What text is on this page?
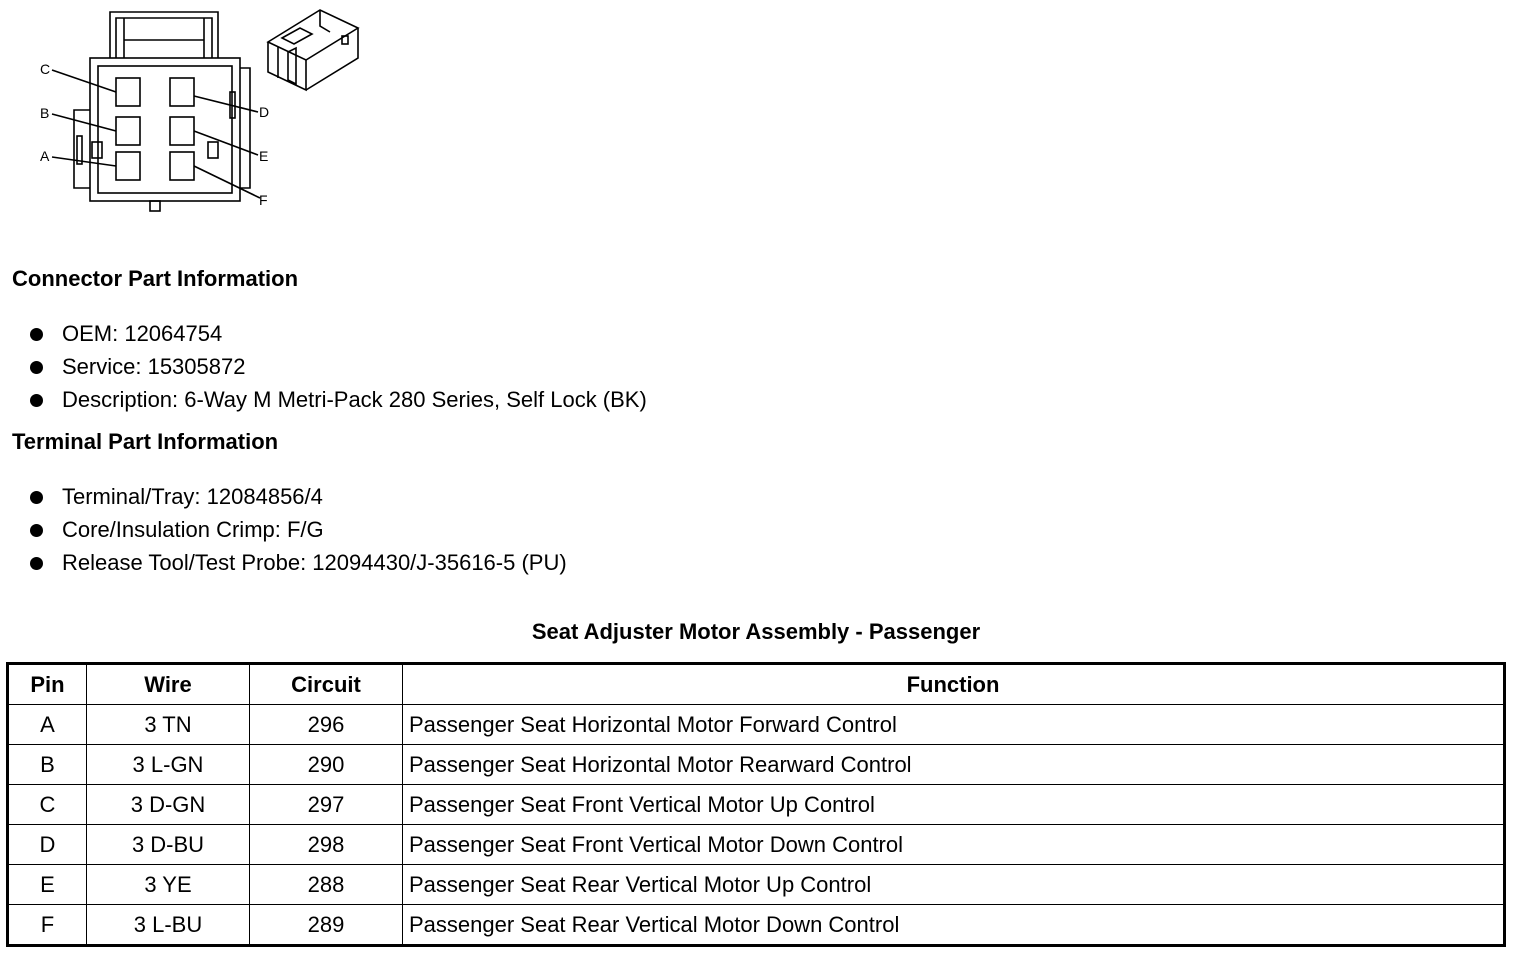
C
B
A
D
E
F
Connector Part Information
OEM: 12064754
Service: 15305872
Description: 6-Way M Metri-Pack 280 Series, Self Lock (BK)
Terminal Part Information
Terminal/Tray: 12084856/4
Core/Insulation Crimp: F/G
Release Tool/Test Probe: 12094430/J-35616-5 (PU)
Seat Adjuster Motor Assembly - Passenger
Pin	Wire	Circuit	Function
A	3 TN	296	Passenger Seat Horizontal Motor Forward Control
B	3 L-GN	290	Passenger Seat Horizontal Motor Rearward Control
C	3 D-GN	297	Passenger Seat Front Vertical Motor Up Control
D	3 D-BU	298	Passenger Seat Front Vertical Motor Down Control
E	3 YE	288	Passenger Seat Rear Vertical Motor Up Control
F	3 L-BU	289	Passenger Seat Rear Vertical Motor Down Control
